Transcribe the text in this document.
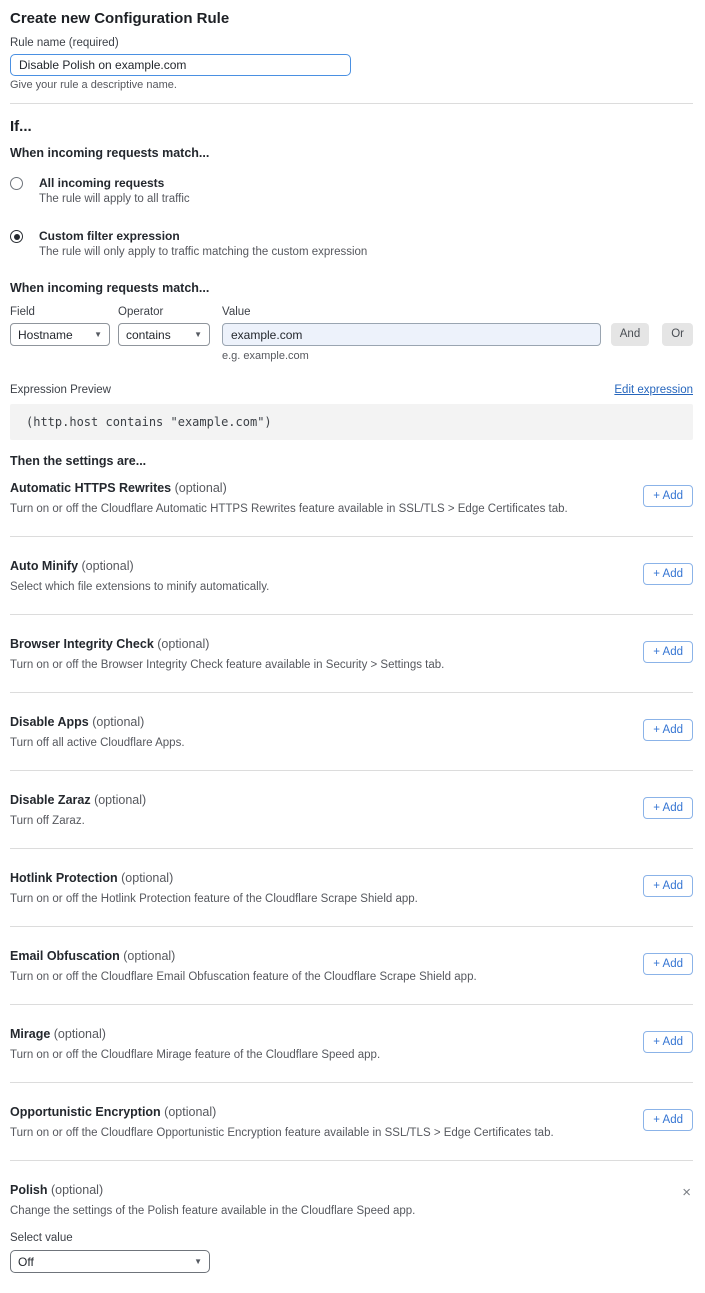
Create new Configuration Rule
Rule name (required)
Disable Polish on example.com
Give your rule a descriptive name.
If...
When incoming requests match...
All incoming requests
The rule will apply to all traffic
Custom filter expression
The rule will only apply to traffic matching the custom expression
When incoming requests match...
Field
Hostname	▼
Operator
contains	▼
Value
example.com
e.g. example.com
And	Or
Expression Preview	Edit expression
(http.host contains "example.com")
Then the settings are...
Automatic HTTPS Rewrites (optional)
Turn on or off the Cloudflare Automatic HTTPS Rewrites feature available in SSL/TLS > Edge Certificates tab.
+ Add
Auto Minify (optional)
Select which file extensions to minify automatically.
+ Add
Browser Integrity Check (optional)
Turn on or off the Browser Integrity Check feature available in Security > Settings tab.
+ Add
Disable Apps (optional)
Turn off all active Cloudflare Apps.
+ Add
Disable Zaraz (optional)
Turn off Zaraz.
+ Add
Hotlink Protection (optional)
Turn on or off the Hotlink Protection feature of the Cloudflare Scrape Shield app.
+ Add
Email Obfuscation (optional)
Turn on or off the Cloudflare Email Obfuscation feature of the Cloudflare Scrape Shield app.
+ Add
Mirage (optional)
Turn on or off the Cloudflare Mirage feature of the Cloudflare Speed app.
+ Add
Opportunistic Encryption (optional)
Turn on or off the Cloudflare Opportunistic Encryption feature available in SSL/TLS > Edge Certificates tab.
+ Add
Polish (optional)
Change the settings of the Polish feature available in the Cloudflare Speed app.
×
Select value
Off	▼
